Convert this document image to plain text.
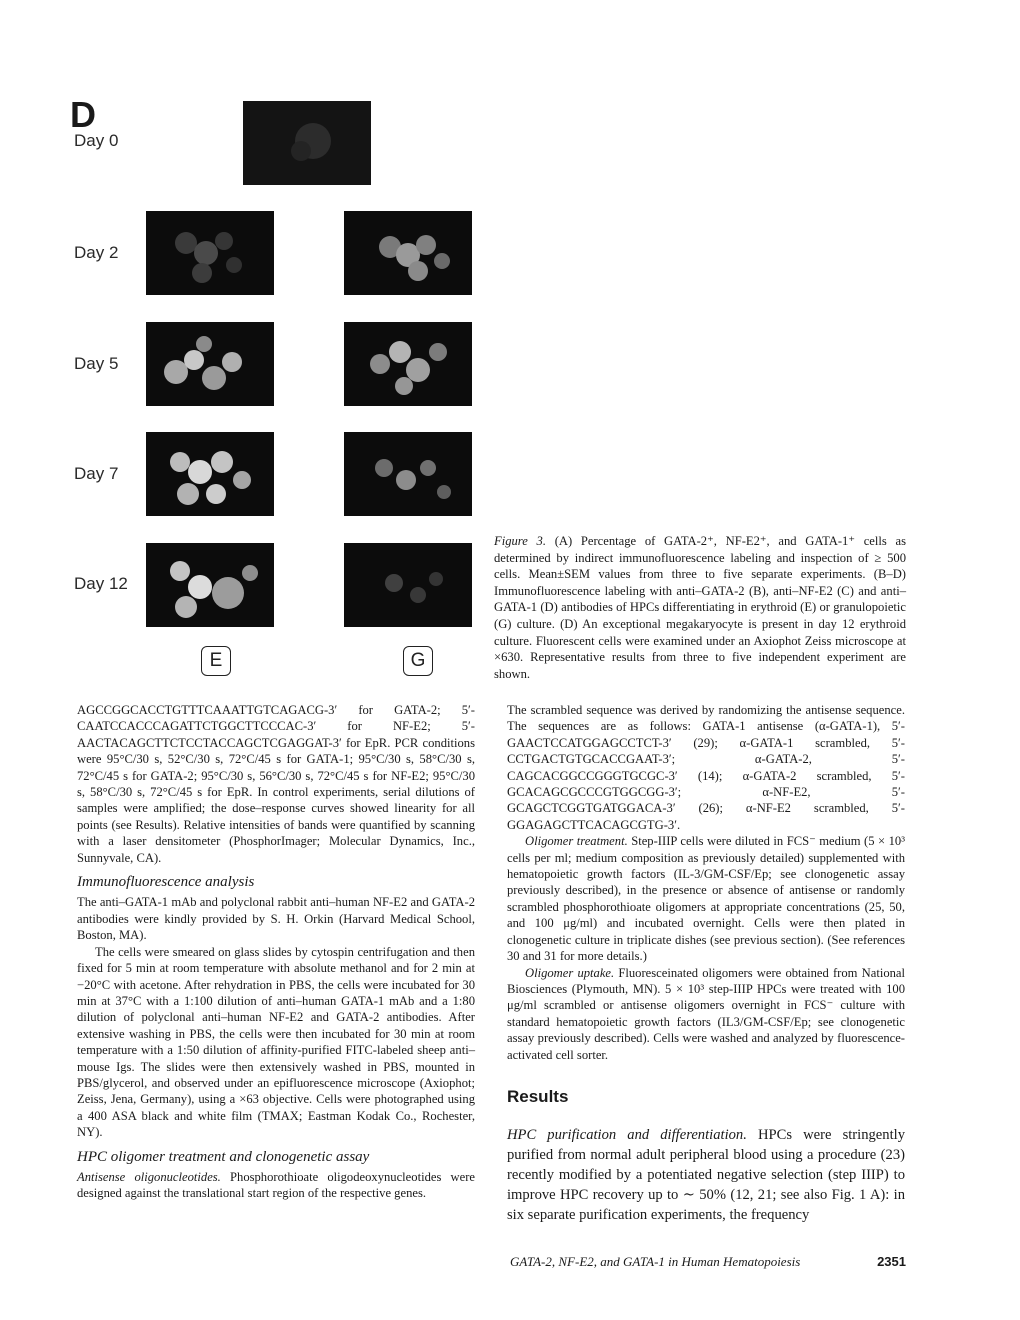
D
Day 0
Day 2
Day 5
Day 7
Day 12
E	G
Figure 3. (A) Percentage of GATA-2⁺, NF-E2⁺, and GATA-1⁺ cells as determined by indirect immunofluorescence labeling and inspection of ≥ 500 cells. Mean±SEM values from three to five separate experiments. (B–D) Immunofluorescence labeling with anti–GATA-2 (B), anti–NF-E2 (C) and anti–GATA-1 (D) antibodies of HPCs differentiating in erythroid (E) or granulopoietic (G) culture. (D) An exceptional megakaryocyte is present in day 12 erythroid culture. Fluorescent cells were examined under an Axiophot Zeiss microscope at ×630. Representative results from three to five independent experiment are shown.

AGCCGGCACCTGTTTCAAATTGTCAGACG-3′ for GATA-2; 5′-CAATCCACCCAGATTCTGGCTTCCCAC-3′ for NF-E2; 5′-AACTACAGCTTCTCCTACCAGCTCGAGGAT-3′ for EpR. PCR conditions were 95°C/30 s, 52°C/30 s, 72°C/45 s for GATA-1; 95°C/30 s, 58°C/30 s, 72°C/45 s for GATA-2; 95°C/30 s, 56°C/30 s, 72°C/45 s for NF-E2; 95°C/30 s, 58°C/30 s, 72°C/45 s for EpR. In control experiments, serial dilutions of samples were amplified; the dose–response curves showed linearity for all points (see Results). Relative intensities of bands were quantified by scanning with a laser densitometer (PhosphorImager; Molecular Dynamics, Inc., Sunnyvale, CA).

Immunofluorescence analysis

The anti–GATA-1 mAb and polyclonal rabbit anti–human NF-E2 and GATA-2 antibodies were kindly provided by S. H. Orkin (Harvard Medical School, Boston, MA).

The cells were smeared on glass slides by cytospin centrifugation and then fixed for 5 min at room temperature with absolute methanol and for 2 min at −20°C with acetone. After rehydration in PBS, the cells were incubated for 30 min at 37°C with a 1:100 dilution of anti–human GATA-1 mAb and a 1:80 dilution of polyclonal anti–human NF-E2 and GATA-2 antibodies. After extensive washing in PBS, the cells were then incubated for 30 min at room temperature with a 1:50 dilution of affinity-purified FITC-labeled sheep anti–mouse Igs. The slides were then extensively washed in PBS, mounted in PBS/glycerol, and observed under an epifluorescence microscope (Axiophot; Zeiss, Jena, Germany), using a ×63 objective. Cells were photographed using a 400 ASA black and white film (TMAX; Eastman Kodak Co., Rochester, NY).

HPC oligomer treatment and clonogenetic assay

Antisense oligonucleotides. Phosphorothioate oligodeoxynucleotides were designed against the translational start region of the respective genes.

The scrambled sequence was derived by randomizing the antisense sequence. The sequences are as follows: GATA-1 antisense (α-GATA-1), 5′-GAACTCCATGGAGCCTCT-3′ (29); α-GATA-1 scrambled, 5′-CCTGACTGTGCACCGAAT-3′; α-GATA-2, 5′-CAGCACGGCCGGGTGCGC-3′ (14); α-GATA-2 scrambled, 5′-GCACAGCGCCCGTGGCGG-3′; α-NF-E2, 5′-GCAGCTCGGTGATGGACA-3′ (26); α-NF-E2 scrambled, 5′-GGAGAGCTTCACAGCGTG-3′.

Oligomer treatment. Step-IIIP cells were diluted in FCS⁻ medium (5 × 10³ cells per ml; medium composition as previously detailed) supplemented with hematopoietic growth factors (IL-3/GM-CSF/Ep; see clonogenetic assay previously described), in the presence or absence of antisense or randomly scrambled phosphorothioate oligomers at appropriate concentrations (25, 50, and 100 μg/ml) and incubated overnight. Cells were then plated in clonogenetic culture in triplicate dishes (see previous section). (See references 30 and 31 for more details.)

Oligomer uptake. Fluoresceinated oligomers were obtained from National Biosciences (Plymouth, MN). 5 × 10³ step-IIIP HPCs were treated with 100 μg/ml scrambled or antisense oligomers overnight in FCS⁻ culture with standard hematopoietic growth factors (IL3/GM-CSF/Ep; see clonogenetic assay previously described). Cells were washed and analyzed by fluorescence-activated cell sorter.

Results

HPC purification and differentiation. HPCs were stringently purified from normal adult peripheral blood using a procedure (23) recently modified by a potentiated negative selection (step IIIP) to improve HPC recovery up to ∼ 50% (12, 21; see also Fig. 1 A): in six separate purification experiments, the frequency

GATA-2, NF-E2, and GATA-1 in Human Hematopoiesis	2351
